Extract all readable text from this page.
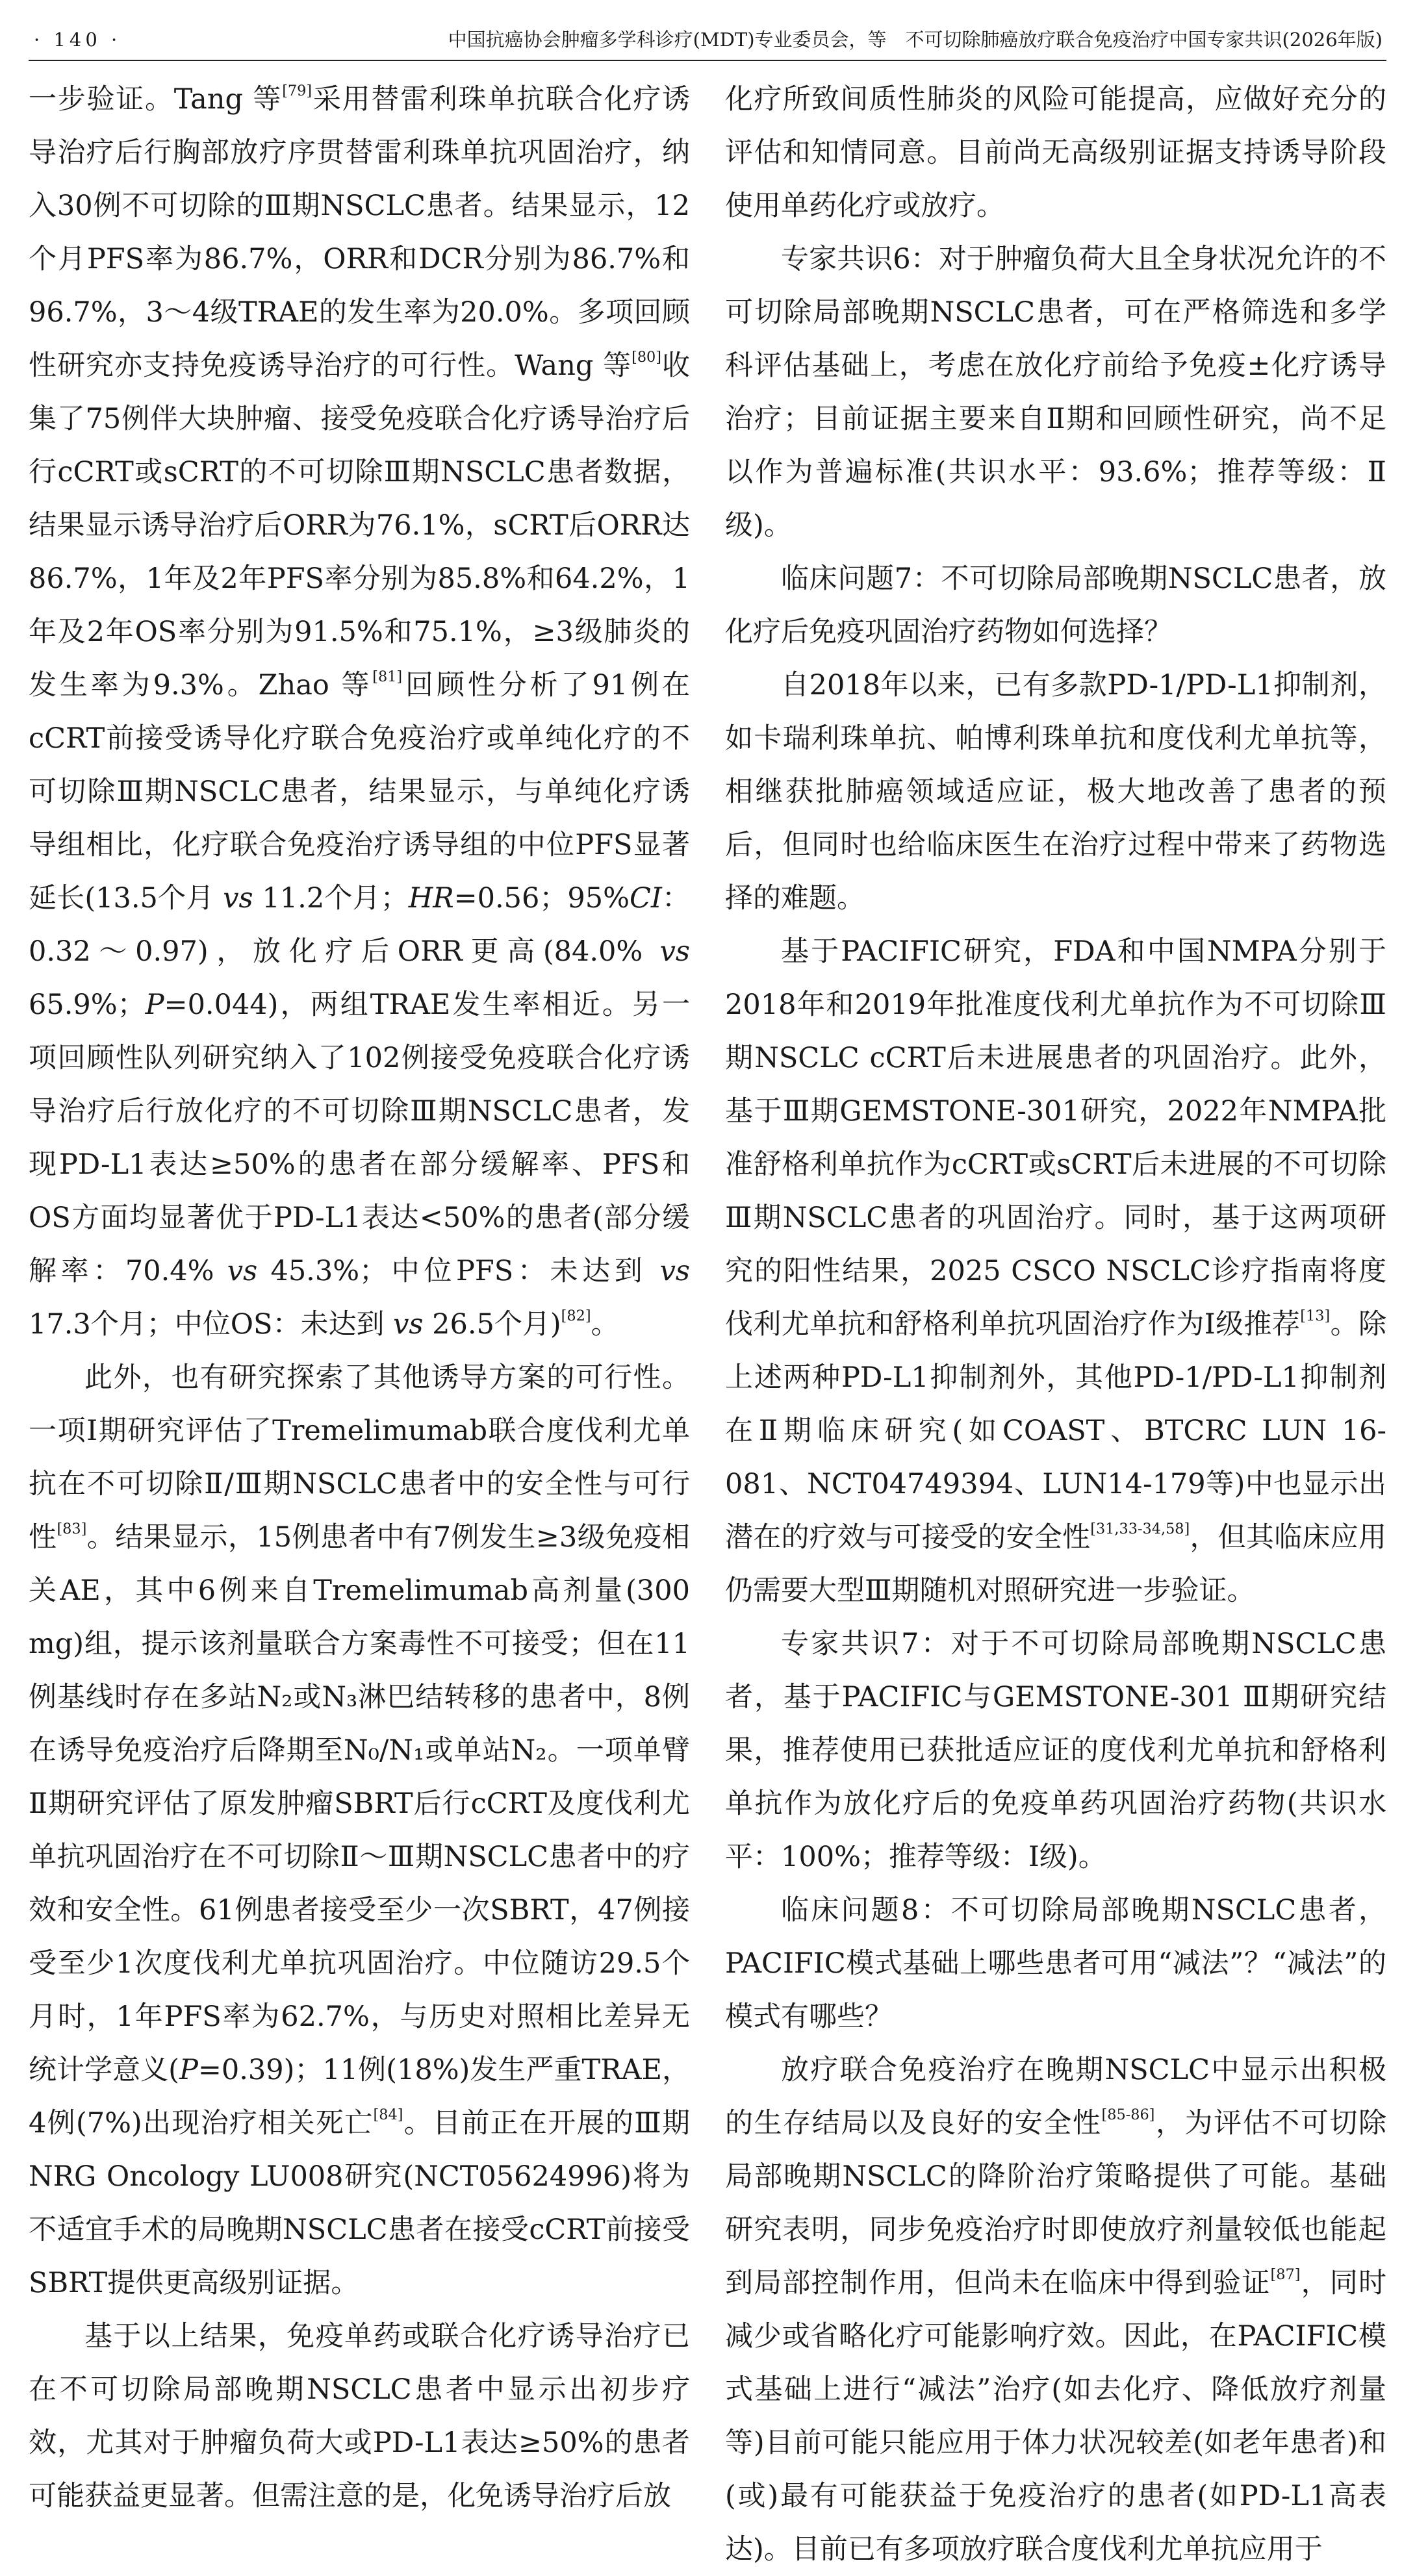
· 140 ·	中国抗癌协会肿瘤多学科诊疗(MDT)专业委员会，等　不可切除肺癌放疗联合免疫治疗中国专家共识(2026年版)

一步验证。Tang 等[79]采用替雷利珠单抗联合化疗诱导治疗后行胸部放疗序贯替雷利珠单抗巩固治疗，纳入30例不可切除的Ⅲ期NSCLC患者。结果显示，12个月PFS率为86.7%，ORR和DCR分别为86.7%和96.7%，3～4级TRAE的发生率为20.0%。多项回顾性研究亦支持免疫诱导治疗的可行性。Wang 等[80]收集了75例伴大块肿瘤、接受免疫联合化疗诱导治疗后行cCRT或sCRT的不可切除Ⅲ期NSCLC患者数据，结果显示诱导治疗后ORR为76.1%，sCRT后ORR达86.7%，1年及2年PFS率分别为85.8%和64.2%，1年及2年OS率分别为91.5%和75.1%，≥3级肺炎的发生率为9.3%。Zhao 等[81]回顾性分析了91例在cCRT前接受诱导化疗联合免疫治疗或单纯化疗的不可切除Ⅲ期NSCLC患者，结果显示，与单纯化疗诱导组相比，化疗联合免疫治疗诱导组的中位PFS显著延长(13.5个月 vs 11.2个月；HR=0.56；95%CI：0.32～0.97)，放化疗后ORR更高(84.0% vs 65.9%；P=0.044)，两组TRAE发生率相近。另一项回顾性队列研究纳入了102例接受免疫联合化疗诱导治疗后行放化疗的不可切除Ⅲ期NSCLC患者，发现PD-L1表达≥50%的患者在部分缓解率、PFS和OS方面均显著优于PD-L1表达<50%的患者(部分缓解率：70.4% vs 45.3%；中位PFS：未达到 vs 17.3个月；中位OS：未达到 vs 26.5个月)[82]。

此外，也有研究探索了其他诱导方案的可行性。一项Ⅰ期研究评估了Tremelimumab联合度伐利尤单抗在不可切除Ⅱ/Ⅲ期NSCLC患者中的安全性与可行性[83]。结果显示，15例患者中有7例发生≥3级免疫相关AE，其中6例来自Tremelimumab高剂量(300 mg)组，提示该剂量联合方案毒性不可接受；但在11例基线时存在多站N₂或N₃淋巴结转移的患者中，8例在诱导免疫治疗后降期至N₀/N₁或单站N₂。一项单臂Ⅱ期研究评估了原发肿瘤SBRT后行cCRT及度伐利尤单抗巩固治疗在不可切除Ⅱ～Ⅲ期NSCLC患者中的疗效和安全性。61例患者接受至少一次SBRT，47例接受至少1次度伐利尤单抗巩固治疗。中位随访29.5个月时，1年PFS率为62.7%，与历史对照相比差异无统计学意义(P=0.39)；11例(18%)发生严重TRAE，4例(7%)出现治疗相关死亡[84]。目前正在开展的Ⅲ期NRG Oncology LU008研究(NCT05624996)将为不适宜手术的局晚期NSCLC患者在接受cCRT前接受SBRT提供更高级别证据。

基于以上结果，免疫单药或联合化疗诱导治疗已在不可切除局部晚期NSCLC患者中显示出初步疗效，尤其对于肿瘤负荷大或PD-L1表达≥50%的患者可能获益更显著。但需注意的是，化免诱导治疗后放

化疗所致间质性肺炎的风险可能提高，应做好充分的评估和知情同意。目前尚无高级别证据支持诱导阶段使用单药化疗或放疗。

专家共识6：对于肿瘤负荷大且全身状况允许的不可切除局部晚期NSCLC患者，可在严格筛选和多学科评估基础上，考虑在放化疗前给予免疫±化疗诱导治疗；目前证据主要来自Ⅱ期和回顾性研究，尚不足以作为普遍标准(共识水平：93.6%；推荐等级：Ⅱ级)。

临床问题7：不可切除局部晚期NSCLC患者，放化疗后免疫巩固治疗药物如何选择？

自2018年以来，已有多款PD-1/PD-L1抑制剂，如卡瑞利珠单抗、帕博利珠单抗和度伐利尤单抗等，相继获批肺癌领域适应证，极大地改善了患者的预后，但同时也给临床医生在治疗过程中带来了药物选择的难题。

基于PACIFIC研究，FDA和中国NMPA分别于2018年和2019年批准度伐利尤单抗作为不可切除Ⅲ期NSCLC cCRT后未进展患者的巩固治疗。此外，基于Ⅲ期GEMSTONE-301研究，2022年NMPA批准舒格利单抗作为cCRT或sCRT后未进展的不可切除Ⅲ期NSCLC患者的巩固治疗。同时，基于这两项研究的阳性结果，2025 CSCO NSCLC诊疗指南将度伐利尤单抗和舒格利单抗巩固治疗作为Ⅰ级推荐[13]。除上述两种PD-L1抑制剂外，其他PD-1/PD-L1抑制剂在Ⅱ期临床研究(如COAST、BTCRC LUN 16-081、NCT04749394、LUN14-179等)中也显示出潜在的疗效与可接受的安全性[31,33-34,58]，但其临床应用仍需要大型Ⅲ期随机对照研究进一步验证。

专家共识7：对于不可切除局部晚期NSCLC患者，基于PACIFIC与GEMSTONE-301 Ⅲ期研究结果，推荐使用已获批适应证的度伐利尤单抗和舒格利单抗作为放化疗后的免疫单药巩固治疗药物(共识水平：100%；推荐等级：Ⅰ级)。

临床问题8：不可切除局部晚期NSCLC患者，PACIFIC模式基础上哪些患者可用“减法”？“减法”的模式有哪些？

放疗联合免疫治疗在晚期NSCLC中显示出积极的生存结局以及良好的安全性[85-86]，为评估不可切除局部晚期NSCLC的降阶治疗策略提供了可能。基础研究表明，同步免疫治疗时即使放疗剂量较低也能起到局部控制作用，但尚未在临床中得到验证[87]，同时减少或省略化疗可能影响疗效。因此，在PACIFIC模式基础上进行“减法”治疗(如去化疗、降低放疗剂量等)目前可能只能应用于体力状况较差(如老年患者)和(或)最有可能获益于免疫治疗的患者(如PD-L1高表达)。目前已有多项放疗联合度伐利尤单抗应用于
